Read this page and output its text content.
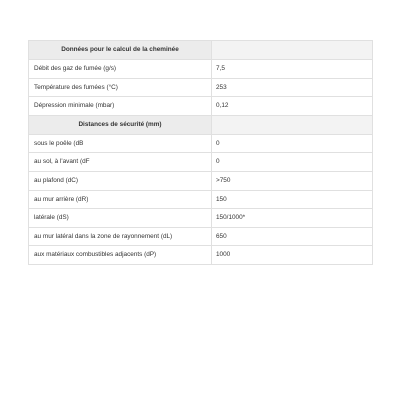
Données pour le calcul de la cheminée	
Débit des gaz de fumée (g/s)	7,5
Température des fumées (°C)	253
Dépression minimale (mbar)	0,12
Distances de sécurité (mm)	
sous le poêle (dB	0
au sol, à l'avant (dF	0
au plafond (dC)	>750
au mur arrière (dR)	150
latérale (dS)	150/1000*
au mur latéral dans la zone de rayonnement (dL)	650
aux matériaux combustibles adjacents (dP)	1000
